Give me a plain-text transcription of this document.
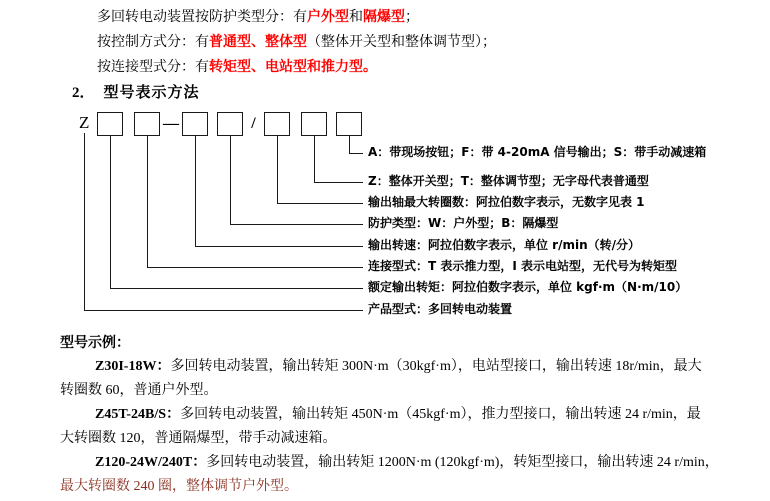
多回转电动装置按防护类型分：有户外型和隔爆型；
按控制方式分：有普通型、整体型（整体开关型和整体调节型）；
按连接型式分：有转矩型、电站型和推力型。
2． 型号表示方法
Z	—	/
A：带现场按钮；F：带 4-20mA 信号输出；S：带手动减速箱
Z：整体开关型；T：整体调节型；无字母代表普通型
输出轴最大转圈数：阿拉伯数字表示，无数字见表 1
防护类型：W：户外型；B：隔爆型
输出转速：阿拉伯数字表示，单位 r/min（转/分）
连接型式：T 表示推力型，I 表示电站型，无代号为转矩型
额定输出转矩：阿拉伯数字表示，单位 kgf·m（N·m/10）
产品型式：多回转电动装置
型号示例：
Z30I-18W：多回转电动装置，输出转矩 300N·m（30kgf·m），电站型接口，输出转速 18r/min，最大
转圈数 60，普通户外型。
Z45T-24B/S：多回转电动装置，输出转矩 450N·m（45kgf·m），推力型接口，输出转速 24 r/min，最
大转圈数 120，普通隔爆型，带手动减速箱。
Z120-24W/240T：多回转电动装置，输出转矩 1200N·m (120kgf·m)，转矩型接口，输出转速 24 r/min，
最大转圈数 240 圈，整体调节户外型。
